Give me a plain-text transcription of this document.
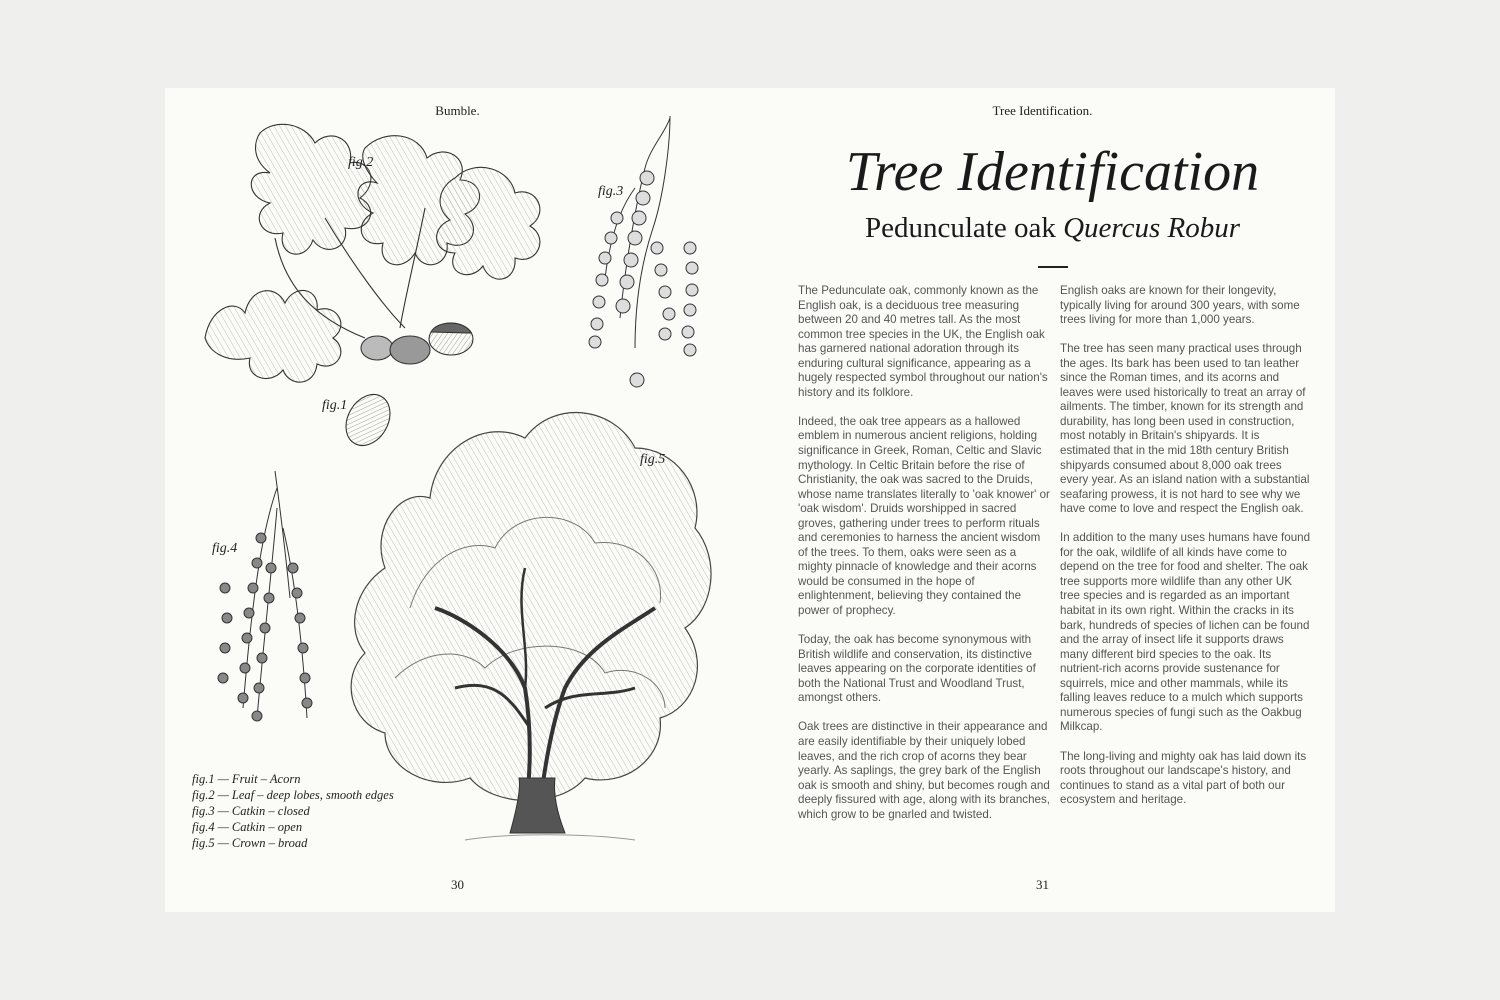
Bumble.
fig.2
fig.3
fig.1
fig.4
fig.5
fig.1 — Fruit – Acorn
fig.2 — Leaf – deep lobes, smooth edges
fig.3 — Catkin – closed
fig.4 — Catkin – open
fig.5 — Crown – broad
30
Tree Identification.
Tree Identification
Pedunculate oak Quercus Robur

The Pedunculate oak, commonly known as the English oak, is a deciduous tree measuring between 20 and 40 metres tall. As the most common tree species in the UK, the English oak has garnered national adoration through its enduring cultural significance, appearing as a hugely respected symbol throughout our nation's history and its folklore.

Indeed, the oak tree appears as a hallowed emblem in numerous ancient religions, holding significance in Greek, Roman, Celtic and Slavic mythology. In Celtic Britain before the rise of Christianity, the oak was sacred to the Druids, whose name translates literally to 'oak knower' or 'oak wisdom'. Druids worshipped in sacred groves, gathering under trees to perform rituals and ceremonies to harness the ancient wisdom of the trees. To them, oaks were seen as a mighty pinnacle of knowledge and their acorns would be consumed in the hope of enlightenment, believing they contained the power of prophecy.

Today, the oak has become synonymous with British wildlife and conservation, its distinctive leaves appearing on the corporate identities of both the National Trust and Woodland Trust, amongst others.

Oak trees are distinctive in their appearance and are easily identifiable by their uniquely lobed leaves, and the rich crop of acorns they bear yearly. As saplings, the grey bark of the English oak is smooth and shiny, but becomes rough and deeply fissured with age, along with its branches, which grow to be gnarled and twisted.

English oaks are known for their longevity, typically living for around 300 years, with some trees living for more than 1,000 years.

The tree has seen many practical uses through the ages. Its bark has been used to tan leather since the Roman times, and its acorns and leaves were used historically to treat an array of ailments. The timber, known for its strength and durability, has long been used in construction, most notably in Britain's shipyards. It is estimated that in the mid 18th century British shipyards consumed about 8,000 oak trees every year. As an island nation with a substantial seafaring prowess, it is not hard to see why we have come to love and respect the English oak.

In addition to the many uses humans have found for the oak, wildlife of all kinds have come to depend on the tree for food and shelter. The oak tree supports more wildlife than any other UK tree species and is regarded as an important habitat in its own right. Within the cracks in its bark, hundreds of species of lichen can be found and the array of insect life it supports draws many different bird species to the oak. Its nutrient-rich acorns provide sustenance for squirrels, mice and other mammals, while its falling leaves reduce to a mulch which supports numerous species of fungi such as the Oakbug Milkcap.

The long-living and mighty oak has laid down its roots throughout our landscape's history, and continues to stand as a vital part of both our ecosystem and heritage.

31
